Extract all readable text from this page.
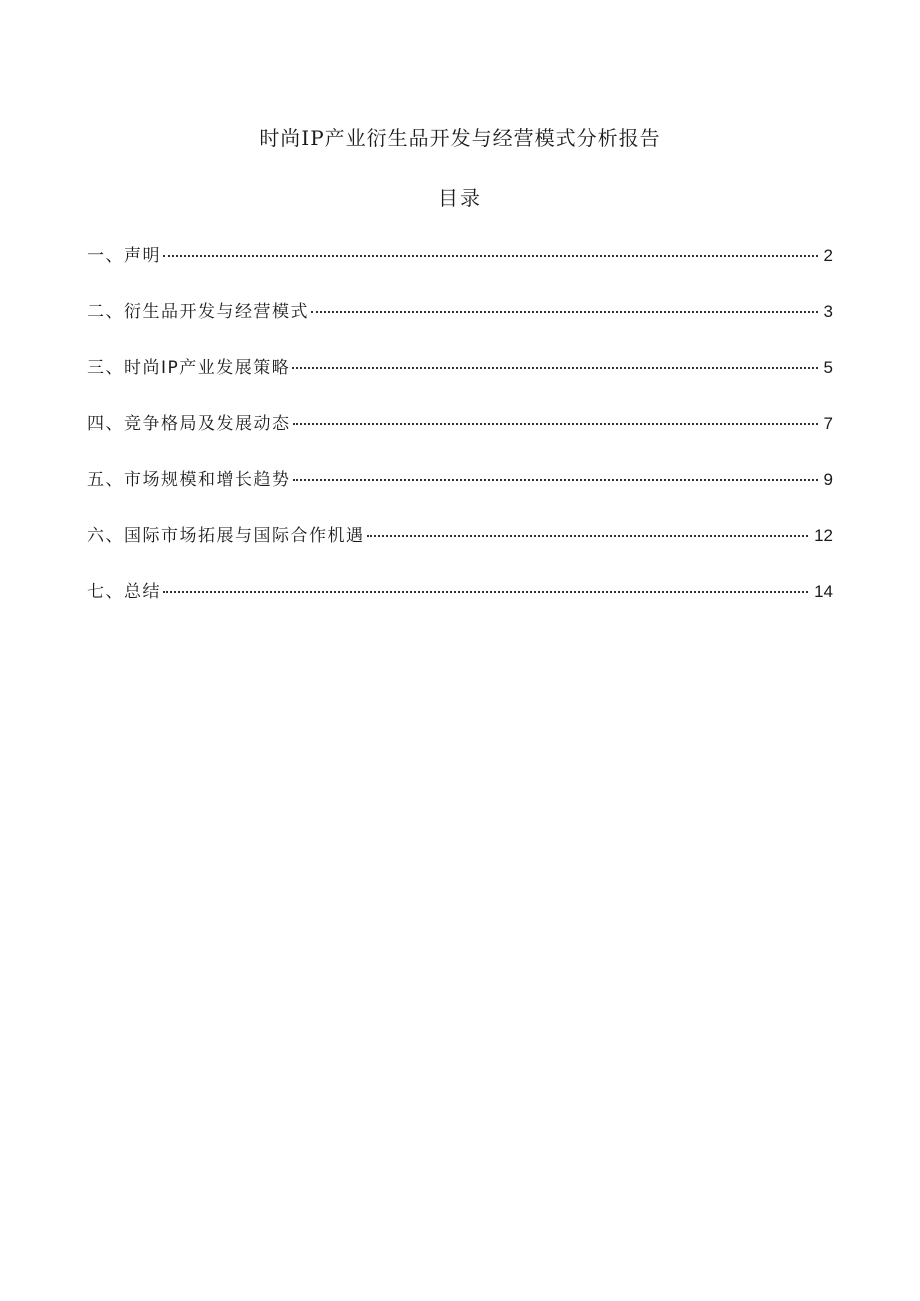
时尚IP产业衍生品开发与经营模式分析报告
目录
一、声明	2
二、衍生品开发与经营模式	3
三、时尚IP产业发展策略	5
四、竞争格局及发展动态	7
五、市场规模和增长趋势	9
六、国际市场拓展与国际合作机遇	12
七、总结	14
